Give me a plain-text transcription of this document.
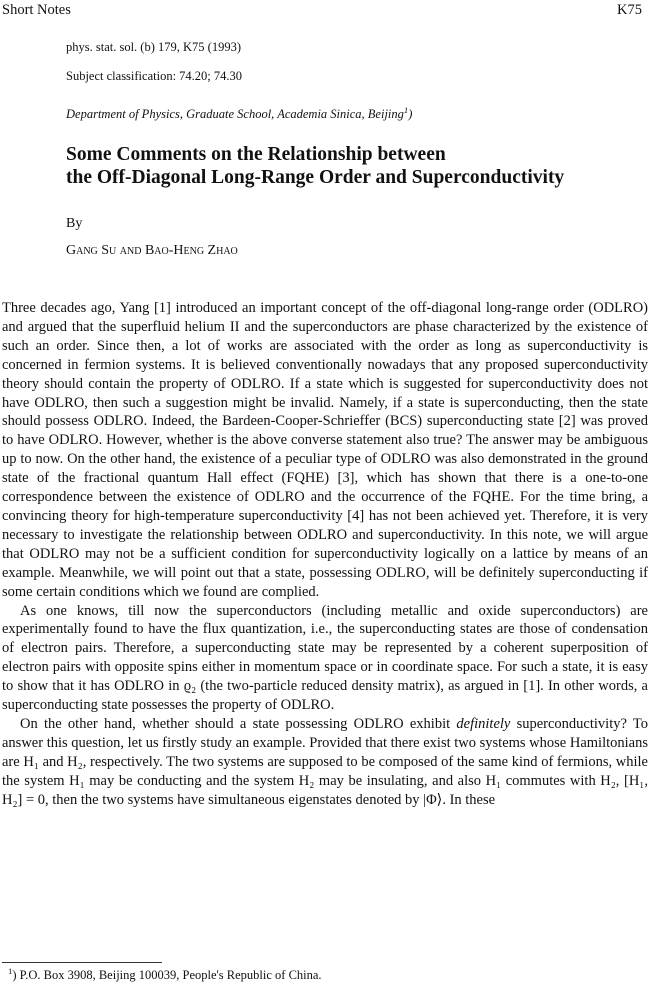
Short Notes	K75
phys. stat. sol. (b) 179, K75 (1993)
Subject classification: 74.20; 74.30
Department of Physics, Graduate School, Academia Sinica, Beijing$^1$)
Some Comments on the Relationship between
the Off-Diagonal Long-Range Order and Superconductivity
By
Gang Su and Bao-Heng Zhao

Three decades ago, Yang [1] introduced an important concept of the off-diagonal long-range order (ODLRO) and argued that the superfluid helium II and the superconductors are phase characterized by the existence of such an order. Since then, a lot of works are associated with the order as long as superconductivity is concerned in fermion systems. It is believed conventionally nowadays that any proposed superconductivity theory should contain the property of ODLRO. If a state which is suggested for superconductivity does not have ODLRO, then such a suggestion might be invalid. Namely, if a state is superconducting, then the state should possess ODLRO. Indeed, the Bardeen-Cooper-Schrieffer (BCS) superconducting state [2] was proved to have ODLRO. However, whether is the above converse statement also true? The answer may be ambiguous up to now. On the other hand, the existence of a peculiar type of ODLRO was also demonstrated in the ground state of the fractional quantum Hall effect (FQHE) [3], which has shown that there is a one-to-one correspondence between the existence of ODLRO and the occurrence of the FQHE. For the time bring, a convincing theory for high-temperature superconductivity [4] has not been achieved yet. Therefore, it is very necessary to investigate the relationship between ODLRO and superconductivity. In this note, we will argue that ODLRO may not be a sufficient condition for superconductivity logically on a lattice by means of an example. Meanwhile, we will point out that a state, possessing ODLRO, will be definitely superconducting if some certain conditions which we found are complied.

As one knows, till now the superconductors (including metallic and oxide superconductors) are experimentally found to have the flux quantization, i.e., the superconducting states are those of condensation of electron pairs. Therefore, a superconducting state may be represented by a coherent superposition of electron pairs with opposite spins either in momentum space or in coordinate space. For such a state, it is easy to show that it has ODLRO in ϱ₂ (the two-particle reduced density matrix), as argued in [1]. In other words, a superconducting state possesses the property of ODLRO.

On the other hand, whether should a state possessing ODLRO exhibit definitely superconductivity? To answer this question, let us firstly study an example. Provided that there exist two systems whose Hamiltonians are H₁ and H₂, respectively. The two systems are supposed to be composed of the same kind of fermions, while the system H₁ may be conducting and the system H₂ may be insulating, and also H₁ commutes with H₂, [H₁, H₂] = 0, then the two systems have simultaneous eigenstates denoted by |Φ⟩. In these

$^1$) P.O. Box 3908, Beijing 100039, People's Republic of China.
